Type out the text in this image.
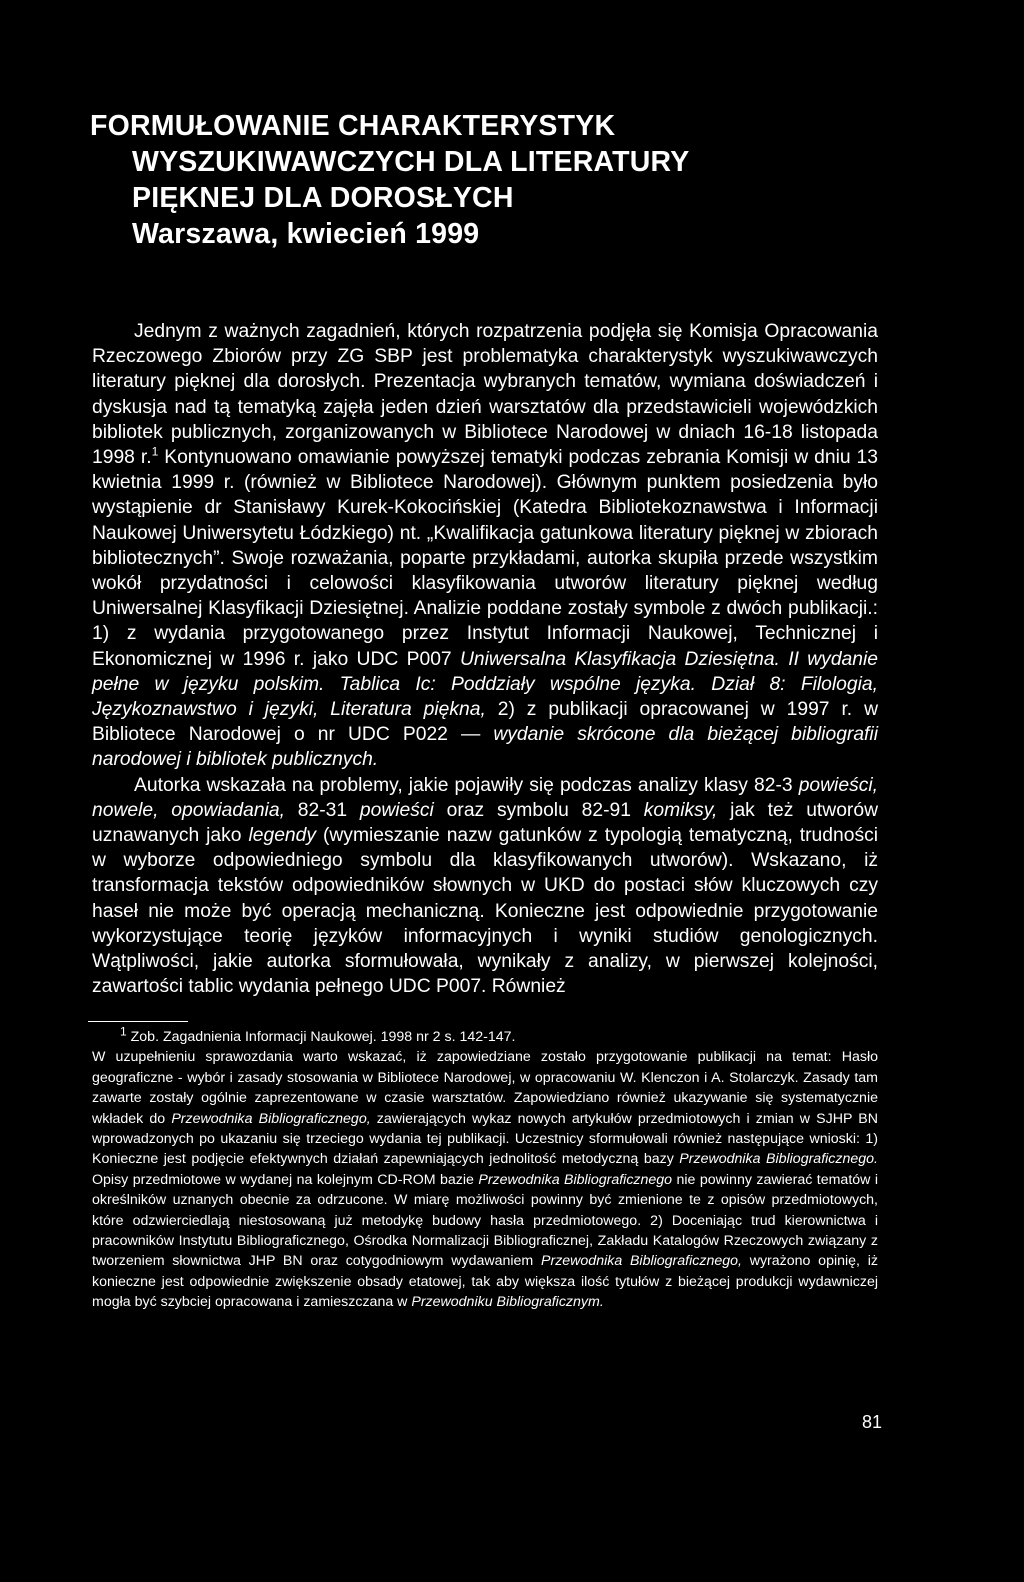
FORMUŁOWANIE CHARAKTERYSTYK
WYSZUKIWAWCZYCH DLA LITERATURY
PIĘKNEJ DLA DOROSŁYCH
Warszawa, kwiecień 1999

Jednym z ważnych zagadnień, których rozpatrzenia podjęła się Komisja Opracowania Rzeczowego Zbiorów przy ZG SBP jest problematyka charakterystyk wyszukiwawczych literatury pięknej dla dorosłych. Prezentacja wybranych tematów, wymiana doświadczeń i dyskusja nad tą tematyką zajęła jeden dzień warsztatów dla przedstawicieli wojewódzkich bibliotek publicznych, zorganizowanych w Bibliotece Narodowej w dniach 16-18 listopada 1998 r.$^1$ Kontynuowano omawianie powyższej tematyki podczas zebrania Komisji w dniu 13 kwietnia 1999 r. (również w Bibliotece Narodowej). Głównym punktem posiedzenia było wystąpienie dr Stanisławy Kurek-Kokocińskiej (Katedra Bibliotekoznawstwa i Informacji Naukowej Uniwersytetu Łódzkiego) nt. „Kwalifikacja gatunkowa literatury pięknej w zbiorach bibliotecznych”. Swoje rozważania, poparte przykładami, autorka skupiła przede wszystkim wokół przydatności i celowości klasyfikowania utworów literatury pięknej według Uniwersalnej Klasyfikacji Dziesiętnej. Analizie poddane zostały symbole z dwóch publikacji.: 1) z wydania przygotowanego przez Instytut Informacji Naukowej, Technicznej i Ekonomicznej w 1996 r. jako UDC P007 Uniwersalna Klasyfikacja Dziesiętna. II wydanie pełne w języku polskim. Tablica Ic: Poddziały wspólne języka. Dział 8: Filologia, Językoznawstwo i języki, Literatura piękna, 2) z publikacji opracowanej w 1997 r. w Bibliotece Narodowej o nr UDC P022 — wydanie skrócone dla bieżącej bibliografii narodowej i bibliotek publicznych.

Autorka wskazała na problemy, jakie pojawiły się podczas analizy klasy 82-3 powieści, nowele, opowiadania, 82-31 powieści oraz symbolu 82-91 komiksy, jak też utworów uznawanych jako legendy (wymieszanie nazw gatunków z typologią tematyczną, trudności w wyborze odpowiedniego symbolu dla klasyfikowanych utworów). Wskazano, iż transformacja tekstów odpowiedników słownych w UKD do postaci słów kluczowych czy haseł nie może być operacją mechaniczną. Konieczne jest odpowiednie przygotowanie wykorzystujące teorię języków informacyjnych i wyniki studiów genologicznych. Wątpliwości, jakie autorka sformułowała, wynikały z analizy, w pierwszej kolejności, zawartości tablic wydania pełnego UDC P007. Również

$^1$ Zob. Zagadnienia Informacji Naukowej. 1998 nr 2 s. 142-147.

W uzupełnieniu sprawozdania warto wskazać, iż zapowiedziane zostało przygotowanie publikacji na temat: Hasło geograficzne - wybór i zasady stosowania w Bibliotece Narodowej, w opracowaniu W. Klenczon i A. Stolarczyk. Zasady tam zawarte zostały ogólnie zaprezentowane w czasie warsztatów. Zapowiedziano również ukazywanie się systematycznie wkładek do Przewodnika Bibliograficznego, zawierających wykaz nowych artykułów przedmiotowych i zmian w SJHP BN wprowadzonych po ukazaniu się trzeciego wydania tej publikacji. Uczestnicy sformułowali również następujące wnioski: 1) Konieczne jest podjęcie efektywnych działań zapewniających jednolitość metodyczną bazy Przewodnika Bibliograficznego. Opisy przedmiotowe w wydanej na kolejnym CD-ROM bazie Przewodnika Bibliograficznego nie powinny zawierać tematów i określników uznanych obecnie za odrzucone. W miarę możliwości powinny być zmienione te z opisów przedmiotowych, które odzwierciedlają niestosowaną już metodykę budowy hasła przedmiotowego. 2) Doceniając trud kierownictwa i pracowników Instytutu Bibliograficznego, Ośrodka Normalizacji Bibliograficznej, Zakładu Katalogów Rzeczowych związany z tworzeniem słownictwa JHP BN oraz cotygodniowym wydawaniem Przewodnika Bibliograficznego, wyrażono opinię, iż konieczne jest odpowiednie zwiększenie obsady etatowej, tak aby większa ilość tytułów z bieżącej produkcji wydawniczej mogła być szybciej opracowana i zamieszczana w Przewodniku Bibliograficznym.

81
